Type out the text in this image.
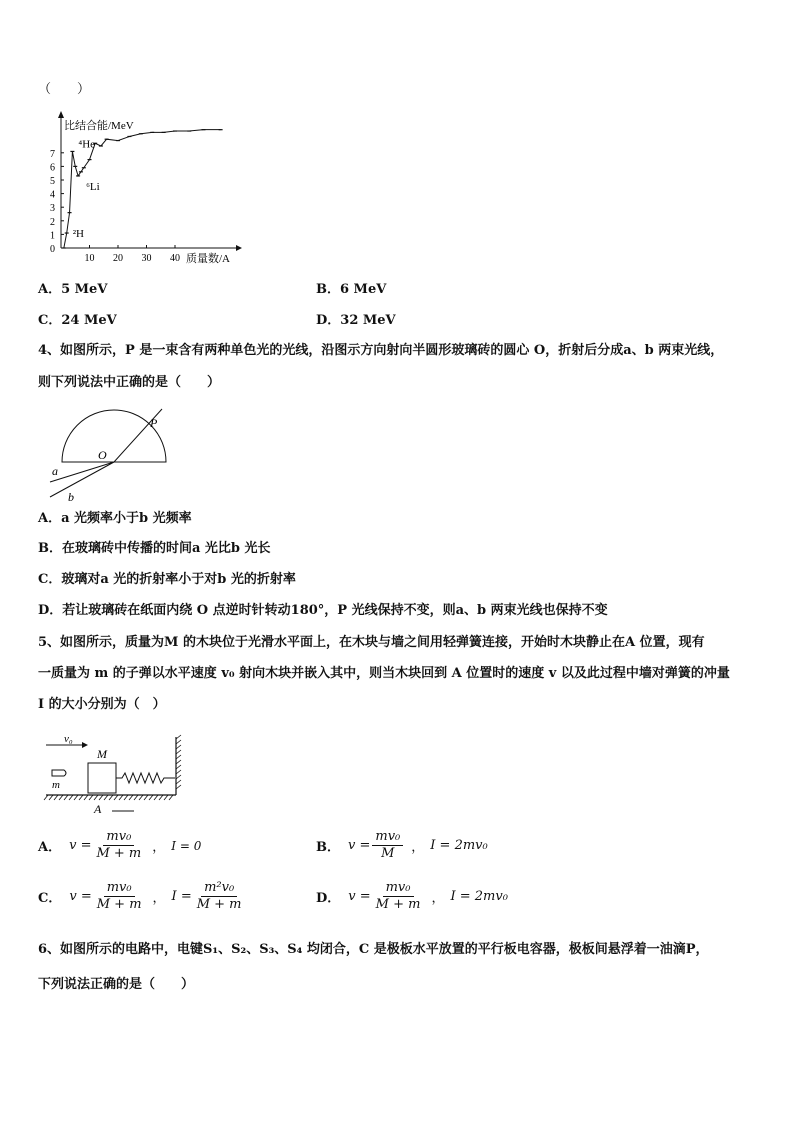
（　　）
0
1
2
3
4
5
6
7
10 20 30 40
比结合能/MeV
质量数/A
⁴He
⁶Li
²H
A．5 MeV	B．6 MeV
C．24 MeV	D．32 MeV
4、如图所示，P 是一束含有两种单色光的光线，沿图示方向射向半圆形玻璃砖的圆心 O，折射后分成a、b 两束光线，
则下列说法中正确的是（　　）
P
O
a
b
A．a 光频率小于b 光频率
B．在玻璃砖中传播的时间a 光比b 光长
C．玻璃对a 光的折射率小于对b 光的折射率
D．若让玻璃砖在纸面内绕 O 点逆时针转动180°，P 光线保持不变，则a、b 两束光线也保持不变
5、如图所示，质量为M 的木块位于光滑水平面上，在木块与墙之间用轻弹簧连接，开始时木块静止在A 位置，现有
一质量为 m 的子弹以水平速度 v₀ 射向木块并嵌入其中，则当木块回到 A 位置时的速度 v 以及此过程中墙对弹簧的冲量
I 的大小分别为（　）
v₀
M
m
A
A． $v = \frac{\text{mv₀}}{M + m}$ ， I = 0	B． $v = \frac{\text{mv₀}}{M}$ ， I = 2mv₀
C． $v = \frac{\text{mv₀}}{M + m}$ ， $I = \frac{\text{m²v₀}}{M + m}$	D． $v = \frac{\text{mv₀}}{M + m}$ ， I = 2mv₀
6、如图所示的电路中，电键S₁、S₂、S₃、S₄ 均闭合，C 是极板水平放置的平行板电容器，极板间悬浮着一油滴P，
下列说法正确的是（　　）
